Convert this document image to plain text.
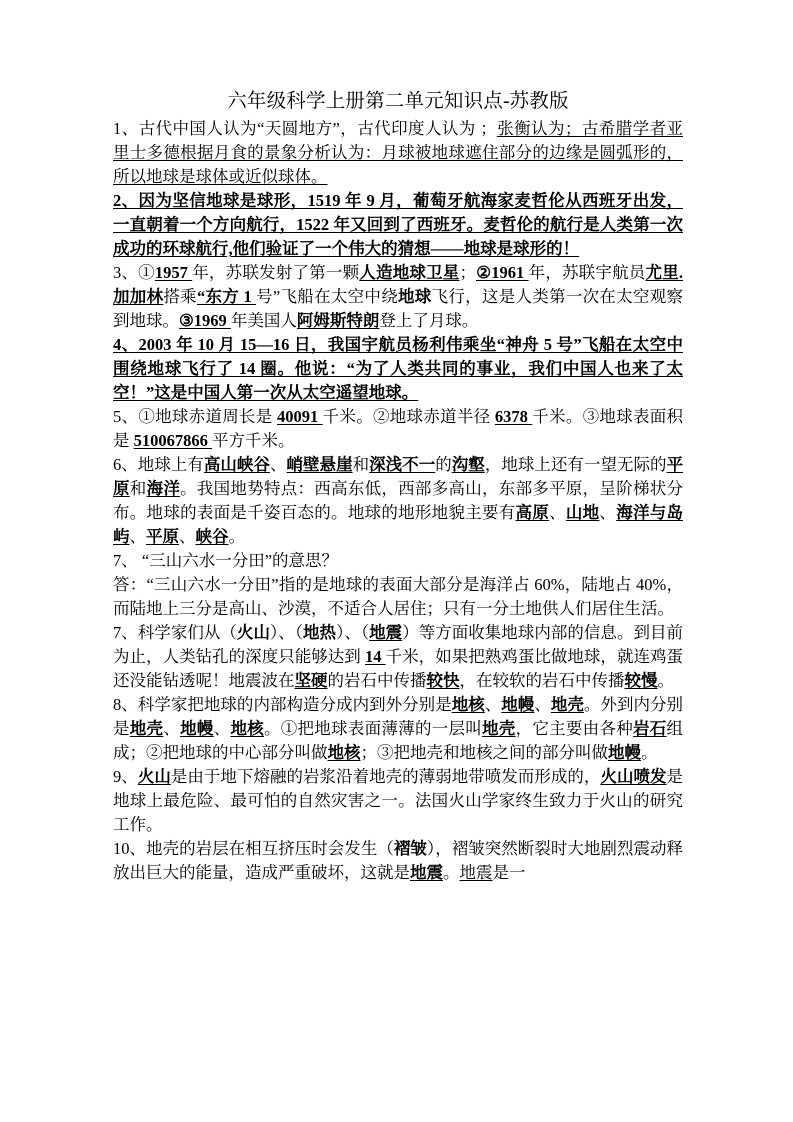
六年级科学上册第二单元知识点-苏教版

1、古代中国人认为“天圆地方”，古代印度人认为 ；张衡认为；古希腊学者亚里士多德根据月食的景象分析认为：月球被地球遮住部分的边缘是圆弧形的，所以地球是球体或近似球体。

2、因为坚信地球是球形，1519 年 9 月，葡萄牙航海家麦哲伦从西班牙出发，一直朝着一个方向航行，1522 年又回到了西班牙。麦哲伦的航行是人类第一次成功的环球航行,他们验证了一个伟大的猜想——地球是球形的！

3、①1957 年，苏联发射了第一颗人造地球卫星；②1961 年，苏联宇航员尤里.加加林搭乘“东方 1 号”飞船在太空中绕地球飞行，这是人类第一次在太空观察到地球。③1969 年美国人阿姆斯特朗登上了月球。

4、2003 年 10 月 15—16 日，我国宇航员杨利伟乘坐“神舟 5 号”飞船在太空中围绕地球飞行了 14 圈。他说：“为了人类共同的事业，我们中国人也来了太空！”这是中国人第一次从太空遥望地球。

5、①地球赤道周长是 40091 千米。②地球赤道半径 6378 千米。③地球表面积是 510067866 平方千米。

6、地球上有高山峡谷、峭壁悬崖和深浅不一的沟壑，地球上还有一望无际的平原和海洋。我国地势特点：西高东低，西部多高山，东部多平原，呈阶梯状分布。地球的表面是千姿百态的。地球的地形地貌主要有高原、山地、海洋与岛屿、平原、峡谷。

7、 “三山六水一分田”的意思？

答：“三山六水一分田”指的是地球的表面大部分是海洋占 60%，陆地占 40%，而陆地上三分是高山、沙漠，不适合人居住；只有一分土地供人们居住生活。

7、科学家们从（火山）、（地热）、（地震）等方面收集地球内部的信息。到目前为止，人类钻孔的深度只能够达到 14 千米，如果把熟鸡蛋比做地球，就连鸡蛋还没能钻透呢！地震波在坚硬的岩石中传播较快，在较软的岩石中传播较慢。

8、科学家把地球的内部构造分成内到外分别是地核、地幔、地壳。外到内分别是地壳、地幔、地核。①把地球表面薄薄的一层叫地壳，它主要由各种岩石组成；②把地球的中心部分叫做地核；③把地壳和地核之间的部分叫做地幔。

9、火山是由于地下熔融的岩浆沿着地壳的薄弱地带喷发而形成的，火山喷发是地球上最危险、最可怕的自然灾害之一。法国火山学家终生致力于火山的研究工作。

10、地壳的岩层在相互挤压时会发生（褶皱），褶皱突然断裂时大地剧烈震动释放出巨大的能量，造成严重破坏，这就是地震。地震是一
